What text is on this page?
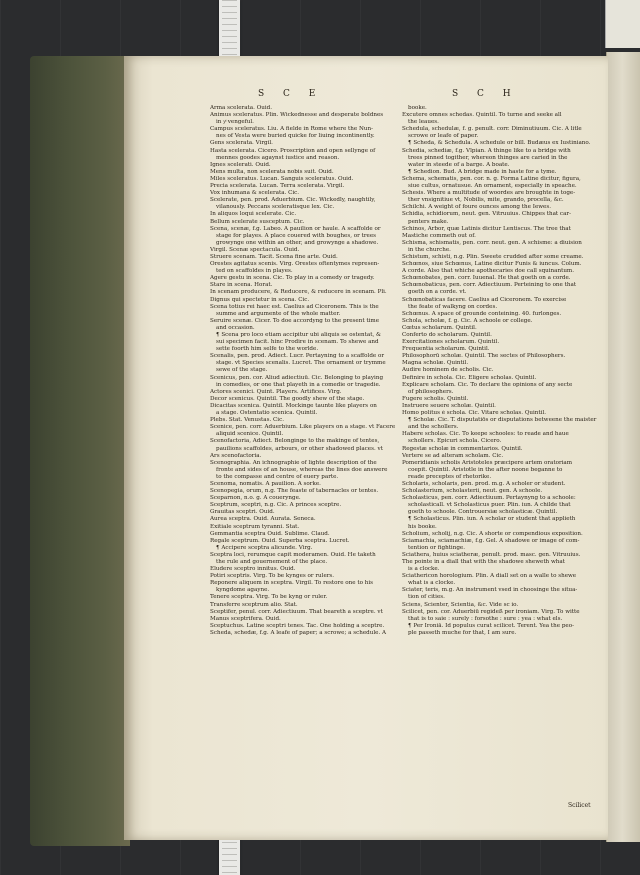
S C E	S C H
Arma scelerata. Ouid.
Animus sceleratus. Plin. Wickednesse and desperate boldnes
in yͤ vengeful.
Campus sceleratus. Liu. A fielde in Rome where the Nun-
nes of Vesta were buried quicke for liuing incontinently.
Gens scelerata. Virgil.
Hasta scelerata. Cicero. Proscription and open sellynge of
mennes goodes agaynst iustice and reason.
Ignes scelerati. Ouid.
Mens multa, non scelerata nobis suit. Ouid.
Miles sceleratus. Lucan. Sanguis sceleratus. Ouid.
Precia scelerata. Lucan. Terra scelerata. Virgil.
Vox inhumana & scelerata. Cic.
Scelerate, pen. prod. Aduerbium. Cic. Wickedly, naughtily,
vilanously. Peccans sceleratisque lex. Cic.
In aliquos loqui scelerate. Cic.
Bellum scelerate susceptum. Cic.
Scena, scenæ, f.g. Labeo. A pauilion or haule. A scaffolde or
stage for playes. A place couered with boughes, or trees
growynge one within an other, and growynge a shadowe.
Virgil. Scenæ spectacula. Ouid.
Struere scenam. Tacit. Scena fine arte. Ouid.
Orestes agitatus scenis. Virg. Orestes oftentymes represen-
ted on scaffoldes in playes.
Agere gestu in scena. Cic. To play in a comedy or tragedy.
Stare in scena. Horat.
In scenam producere, & Reducere, & reducere in scenam. Pli.
Dignus qui spectetur in scena. Cic.
Scena totius rei haec est. Caelius ad Ciceronem. This is the
summe and argumente of the whole matter.
Seruire scenæ. Cicer. To doe accordyng to the present time
and occasion.
¶ Scena pro loco etiam accipitur ubi aliquis se ostentat, &
sui specimen facit. hinc Prodire in scenam. To shewe and
sette foorth him selfe to the worlde.
Scenalis, pen. prod. Adiect. Lucr. Pertayning to a scaffolde or
stage. vt Species scenalis. Lucret. The ornament or trymme
sewe of the stage.
Scenicus, pen. cor. Aliud adiectiuū. Cic. Belonging to playing
in comedies, or one that playeth in a comedie or tragedie.
Actores scenici. Quint. Players. Artifices. Virg.
Decor scenicus. Quintil. The goodly shew of the stage.
Dicacitas scenica. Quintil. Mockinge taunte like players on
a stage. Ostentatio scenica. Quintil.
Plebs. Stat. Venustas. Cic.
Scenice, pen. corr. Aduerbium. Like players on a stage. vt Facere
aliquid scenice. Quintil.
Scenofactoria, Adiect. Belonginge to the makinge of tentes,
pauilions scaffoldes, arbours, or other shadowed places. vt
Ars scenofactoria.
Scenographia. An ichnographie of lighte description of the
fronte and sides of an house, whereas the lines doe answere
to the compasse and centre of euery parte.
Scenoma, nomatis. A pauilion. A sorke.
Scenopegia, orum, n.g. The feaste of tabernacles or tentes.
Sceparnon, n.o. g. A couerynge.
Sceptrum, sceptri, n.g. Cic. A princes sceptre.
Grauitas sceptri. Ouid.
Aurea sceptra. Ouid. Aurata. Seneca.
Exitiale sceptrum tyranni. Stat.
Gemmantia sceptra Ouid. Sublime. Claud.
Regale sceptrum. Ouid. Superba sceptra. Lucret.
¶ Accipere sceptra alicunde. Virg.
Sceptra loci, rerumque capit moderamen. Ouid. He taketh
the rule and gouernement of the place.
Eludere sceptro innitus. Ouid.
Potiri sceptris. Virg. To be kynges or rulers.
Reponere aliquem in sceptra. Virgil. To restore one to his
kyngdome agayne.
Tenere sceptra. Virg. To be kyng or ruler.
Transferre sceptrum alio. Stat.
Sceptifer, penul. corr. Adiectiuum. That beareth a sceptre. vt
Manus sceptrifera. Ouid.
Sceptuchus. Latine sceptri tenes. Tac. One holding a sceptre.
Scheda, schedæ, f.g. A leafe of paper; a scrowe; a schedule. A
booke.
Excutere omnes schedas. Quintil. To turne and seeke all
the leaues.
Schedula, schedulæ, f. g. penult. corr. Diminutiuum. Cic. A litle
scrowe or leafe of paper.
¶ Scheda, & Schedula. A schedule or bill. Budæus ex Iustiniano.
Schedia, schediæ, f.g. Vlpian. A thinge like to a bridge with
trees pinned togither, whereon thinges are caried in the
water in steede of a barge. A boate.
¶ Schedion. Bud. A bridge made in haste for a tyme.
Schema, schematis, pen. cor. n. g. Forma Latine dicitur, figura,
siue cultus, ornatusue. An ornament, especially in speache.
Schesis. Where a multitude of woordes are broughte in toge-
ther vnsignitiue vt, Nobilis, mite, grando, procella, &c.
Schilchi. A weight of foure ounces among the Iewes.
Schidia, schidiorum, neut. gen. Vitruuius. Chippes that car-
penters make.
Schinos, Arbor, quæ Latinis dicitur Lentiscus. The tree that
Mastiche commeth out of.
Schisma, schismatis, pen. corr. neut. gen. A schisme: a diuision
in the churche.
Schistum, schisti, n.g. Plin. Sweete crudded after some creame.
Schœnos, siue Schœnus, Latine dicitur Funis & iuncus. Colum.
A corde. Also that whiche apothecaries doe call squinantum.
Schœnobates, pen. corr. Iuuenal. He that goeth on a corde.
Schœnobaticus, pen. corr. Adiectiuum. Perteining to one that
goeth on a corde. vt.
Schœnobaticas facere. Caelius ad Ciceronem. To exercise
the feate of walkyng on cordes.
Schœnus. A space of grounde conteining. 40. furlonges.
Schola, scholæ, f. g. Cic. A schoole or college.
Cœtus scholarum. Quintil.
Conferto do scholarum. Quintil.
Exercitationes scholarum. Quintil.
Frequentia scholarum. Quintil.
Philosophorū scholæ. Quintil. The sectes of Philosophers.
Magna scholæ. Quintil.
Audire hominem de scholis. Cic.
Definire in schola. Cic. Eligere scholas. Quintil.
Explicare scholam. Cic. To declare the opinions of any secte
of philosophers.
Fugere scholis. Quintil.
Instruere seuere scholæ. Quintil.
Homo politus è schola. Cic. Vitare scholas. Quintil.
¶ Scholæ. Cic. T. disputatiōs or disputations betweene the maister
and the schollers.
Habere scholas. Cic. To keepe schooles: to reade and haue
schollers. Epicuri schola. Cicero.
Regestæ scholæ in commentarios. Quintil.
Vertere se ad alteram scholam. Cic.
Pomeridianis scholis Aristoteles præcipere artem oratoriam
coepit. Quintil. Aristotle in the after noone beganne to
reade preceptes of rhetorike.
Scholaris, scholaris, pen. prod. m.g. A scholer or student.
Scholasterium, scholasterii, neut. gen. A schoole.
Scholasticus, pen. corr. Adiectiuum. Pertaynyng to a schoole:
scholasticall. vt Scholasticus puer. Plin. iun. A childe that
goeth to schoole. Controuersiæ scholasticæ. Quintil.
¶ Scholasticus. Plin. iun. A scholar or student that applieth
his booke.
Scholium, scholij, n.g. Cic. A shorte or compendious exposition.
Sciamachia, sciamachiæ, f.g. Gel. A shadowe or image of com-
tention or fightinge.
Sciathera, huius sciatheræ, penult. prod. masc. gen. Vitruuius.
The pointe in a diall that with the shadowe sheweth what
is a clocke.
Sciathericon horologium. Plin. A diall set on a walle to shewe
what is a clocke.
Sciater, teris, m.g. An instrument vsed in choosinge the situa-
tion of cities.
Sciens, Scienter, Scientia, &c. Vide sc io.
Scilicet, pen. cor. Aduerbiū regideß per ironiam. Virg. To witte
that is to saie : surely : forsothe : sure : yea : what els.
¶ Per Ironiā. Id populus curat scilicet. Terent. Yea the peo-
ple passeth muche for that, I am sure.
Scilicet
